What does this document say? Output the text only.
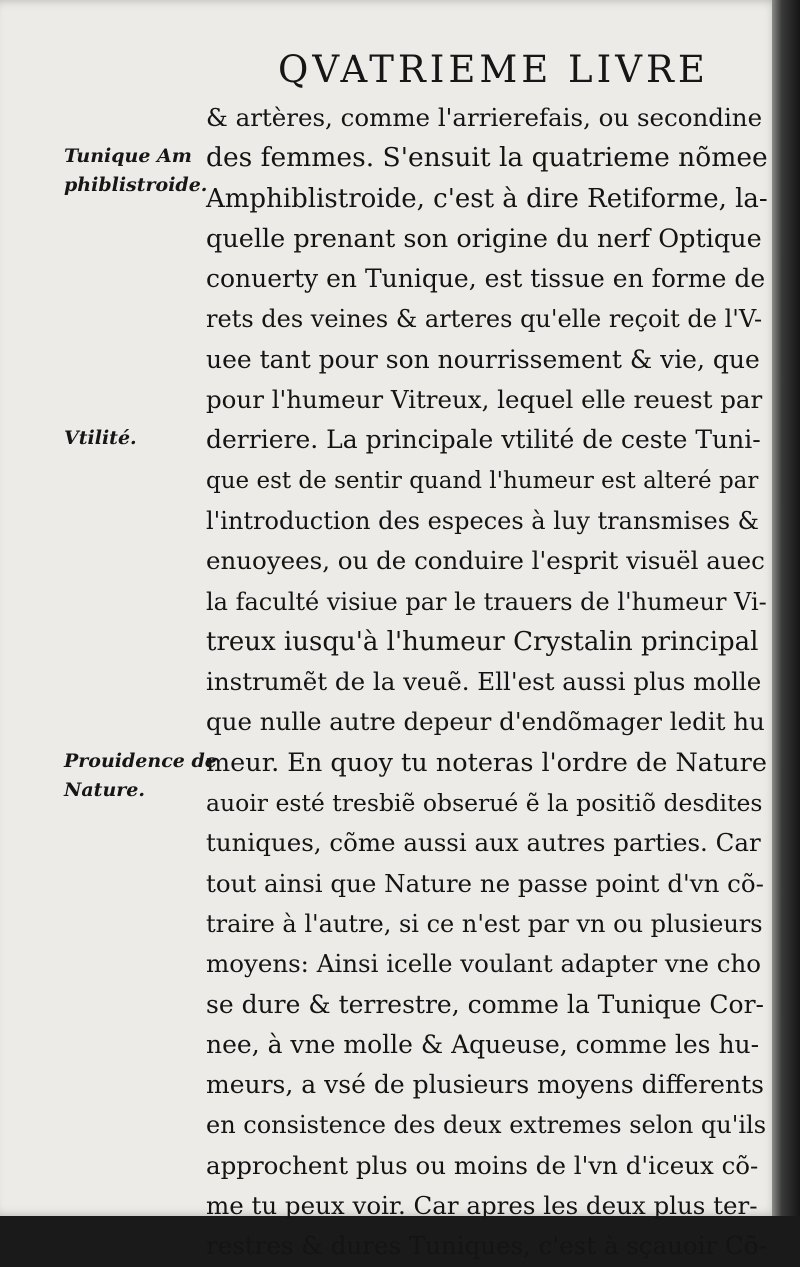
QVATRIEME LIVRE
Tunique Am
phiblistroide.
Vtilité.
Prouidence de
Nature.
& artères, comme l'arrierefais, ou secondine
des femmes. S'ensuit la quatrieme nõmee
Amphiblistroide, c'est à dire Retiforme, la-
quelle prenant son origine du nerf Optique
conuerty en Tunique, est tissue en forme de
rets des veines & arteres qu'elle reçoit de l'V-
uee tant pour son nourrissement & vie, que
pour l'humeur Vitreux, lequel elle reuest par
derriere. La principale vtilité de ceste Tuni-
que est de sentir quand l'humeur est alteré par
l'introduction des especes à luy transmises &
enuoyees, ou de conduire l'esprit visuël auec
la faculté visiue par le trauers de l'humeur Vi-
treux iusqu'à l'humeur Crystalin principal
instrumẽt de la veuẽ. Ell'est aussi plus molle
que nulle autre depeur d'endõmager ledit hu
meur. En quoy tu noteras l'ordre de Nature
auoir esté tresbiẽ obserué ẽ la positiõ desdites
tuniques, cõme aussi aux autres parties. Car
tout ainsi que Nature ne passe point d'vn cõ-
traire à l'autre, si ce n'est par vn ou plusieurs
moyens: Ainsi icelle voulant adapter vne cho
se dure & terrestre, comme la Tunique Cor-
nee, à vne molle & Aqueuse, comme les hu-
meurs, a vsé de plusieurs moyens differents
en consistence des deux extremes selon qu'ils
approchent plus ou moins de l'vn d'iceux cõ-
me tu peux voir. Car apres les deux plus ter-
restres & dures Tuniques, c'est à sçauoir Cõ-
